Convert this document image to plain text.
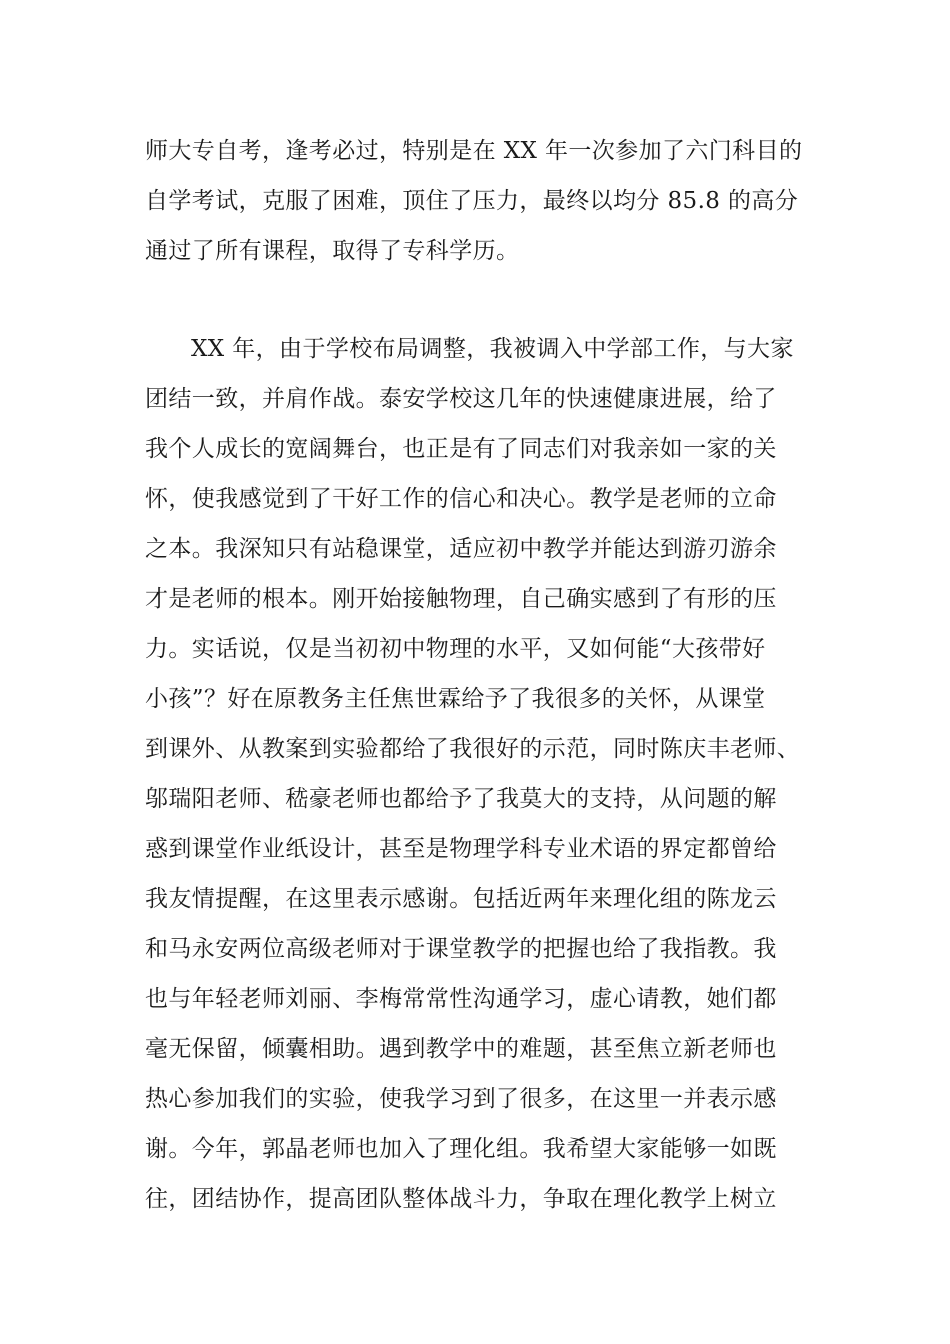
师大专自考，逢考必过，特别是在 XX 年一次参加了六门科目的
自学考试，克服了困难，顶住了压力，最终以均分 85.8 的高分
通过了所有课程，取得了专科学历。
XX 年，由于学校布局调整，我被调入中学部工作，与大家
团结一致，并肩作战。泰安学校这几年的快速健康进展，给了
我个人成长的宽阔舞台，也正是有了同志们对我亲如一家的关
怀，使我感觉到了干好工作的信心和决心。教学是老师的立命
之本。我深知只有站稳课堂，适应初中教学并能达到游刃游余
才是老师的根本。刚开始接触物理，自己确实感到了有形的压
力。实话说，仅是当初初中物理的水平，又如何能“大孩带好
小孩”？好在原教务主任焦世霖给予了我很多的关怀，从课堂
到课外、从教案到实验都给了我很好的示范，同时陈庆丰老师、
邬瑞阳老师、嵇豪老师也都给予了我莫大的支持，从问题的解
惑到课堂作业纸设计，甚至是物理学科专业术语的界定都曾给
我友情提醒，在这里表示感谢。包括近两年来理化组的陈龙云
和马永安两位高级老师对于课堂教学的把握也给了我指教。我
也与年轻老师刘丽、李梅常常性沟通学习，虚心请教，她们都
毫无保留，倾囊相助。遇到教学中的难题，甚至焦立新老师也
热心参加我们的实验，使我学习到了很多，在这里一并表示感
谢。今年，郭晶老师也加入了理化组。我希望大家能够一如既
往，团结协作，提高团队整体战斗力，争取在理化教学上树立
